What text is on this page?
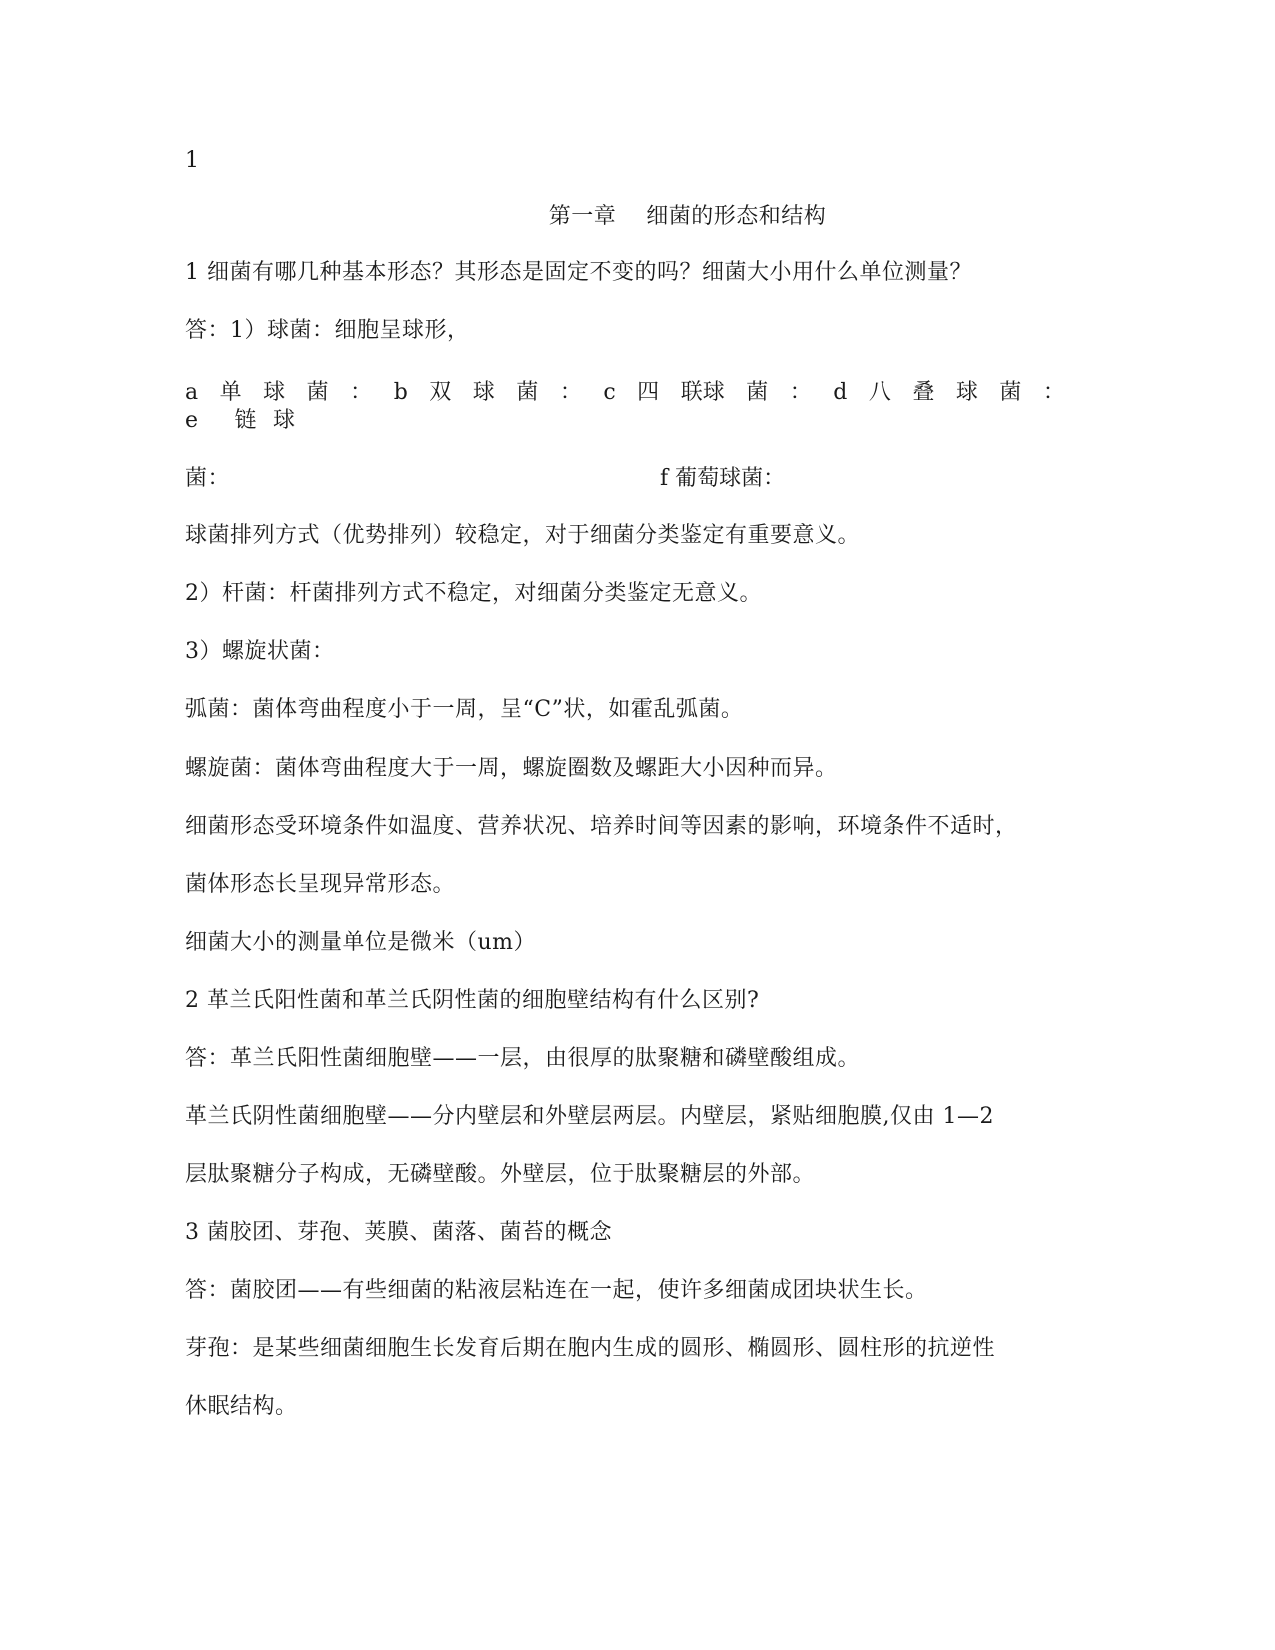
1
第一章 细菌的形态和结构
1 细菌有哪几种基本形态？其形态是固定不变的吗？细菌大小用什么单位测量？
答：1）球菌：细胞呈球形，
a 单 球 菌 ： b 双 球 菌 ： c 四 联球 菌 ： d 八 叠 球 菌 ：
e 链 球
菌：	f 葡萄球菌：
球菌排列方式（优势排列）较稳定，对于细菌分类鉴定有重要意义。
2）杆菌：杆菌排列方式不稳定，对细菌分类鉴定无意义。
3）螺旋状菌：
弧菌：菌体弯曲程度小于一周，呈“C”状，如霍乱弧菌。
螺旋菌：菌体弯曲程度大于一周，螺旋圈数及螺距大小因种而异。
细菌形态受环境条件如温度、营养状况、培养时间等因素的影响，环境条件不适时，
菌体形态长呈现异常形态。
细菌大小的测量单位是微米（um）
2 革兰氏阳性菌和革兰氏阴性菌的细胞壁结构有什么区别?
答：革兰氏阳性菌细胞壁——一层，由很厚的肽聚糖和磷壁酸组成。
革兰氏阴性菌细胞壁——分内壁层和外壁层两层。内壁层，紧贴细胞膜,仅由 1—2
层肽聚糖分子构成，无磷壁酸。外壁层，位于肽聚糖层的外部。
3 菌胶团、芽孢、荚膜、菌落、菌苔的概念
答：菌胶团——有些细菌的粘液层粘连在一起，使许多细菌成团块状生长。
芽孢：是某些细菌细胞生长发育后期在胞内生成的圆形、椭圆形、圆柱形的抗逆性
休眠结构。
